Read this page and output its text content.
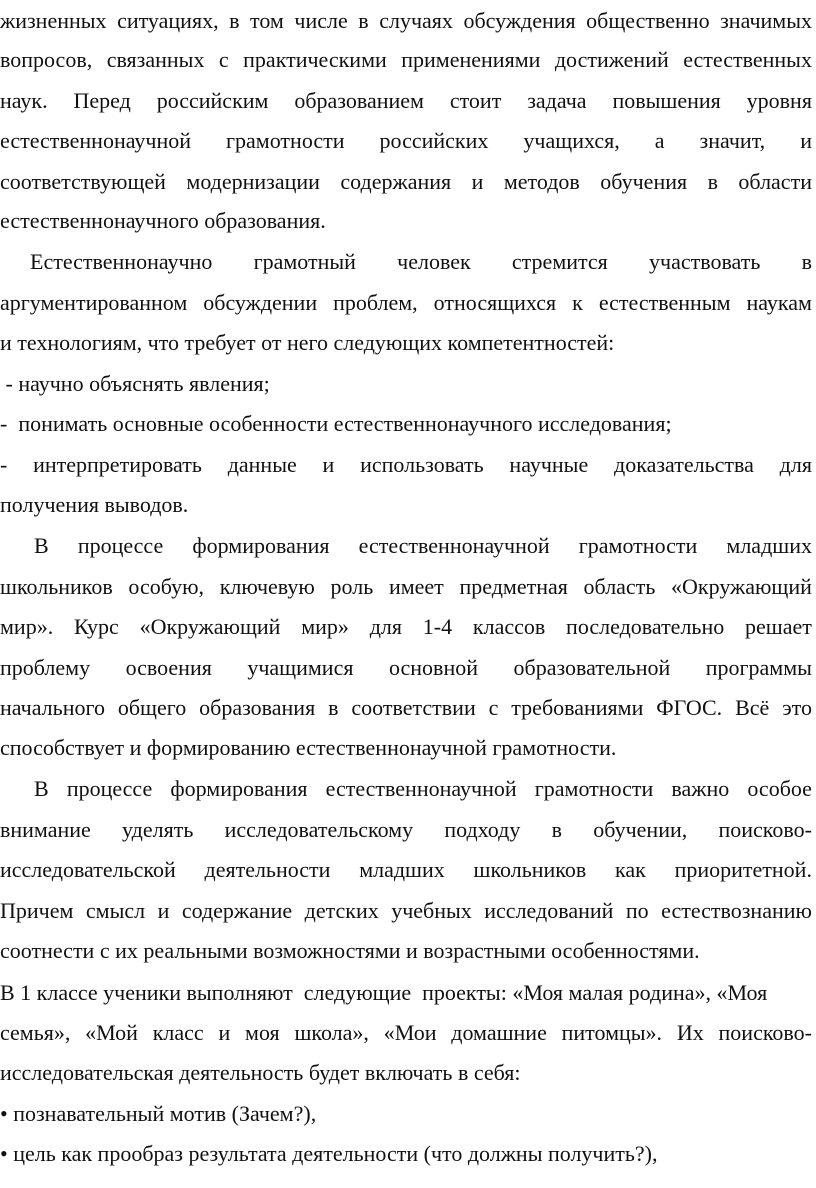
жизненных ситуациях, в том числе в случаях обсуждения общественно значимых
вопросов, связанных с практическими применениями достижений естественных
наук. Перед российским образованием стоит задача повышения уровня
естественнонаучной грамотности российских учащихся, а значит, и
соответствующей модернизации содержания и методов обучения в области
естественнонаучного образования.
Естественнонаучно грамотный человек стремится участвовать в
аргументированном обсуждении проблем, относящихся к естественным наукам
и технологиям, что требует от него следующих компетентностей:
- научно объяснять явления;
-  понимать основные особенности естественнонаучного исследования;
- интерпретировать данные и использовать научные доказательства для
получения выводов.
В процессе формирования естественнонаучной грамотности младших
школьников особую, ключевую роль имеет предметная область «Окружающий
мир». Курс «Окружающий мир» для 1-4 классов последовательно решает
проблему освоения учащимися основной образовательной программы
начального общего образования в соответствии с требованиями ФГОС. Всё это
способствует и формированию естественнонаучной грамотности.
В процессе формирования естественнонаучной грамотности важно особое
внимание уделять исследовательскому подходу в обучении, поисково-
исследовательской деятельности младших школьников как приоритетной.
Причем смысл и содержание детских учебных исследований по естествознанию
соотнести с их реальными возможностями и возрастными особенностями.
В 1 классе ученики выполняют  следующие  проекты: «Моя малая родина», «Моя
семья», «Мой класс и моя школа», «Мои домашние питомцы». Их поисково-
исследовательская деятельность будет включать в себя:
• познавательный мотив (Зачем?),
• цель как прообраз результата деятельности (что должны получить?),
